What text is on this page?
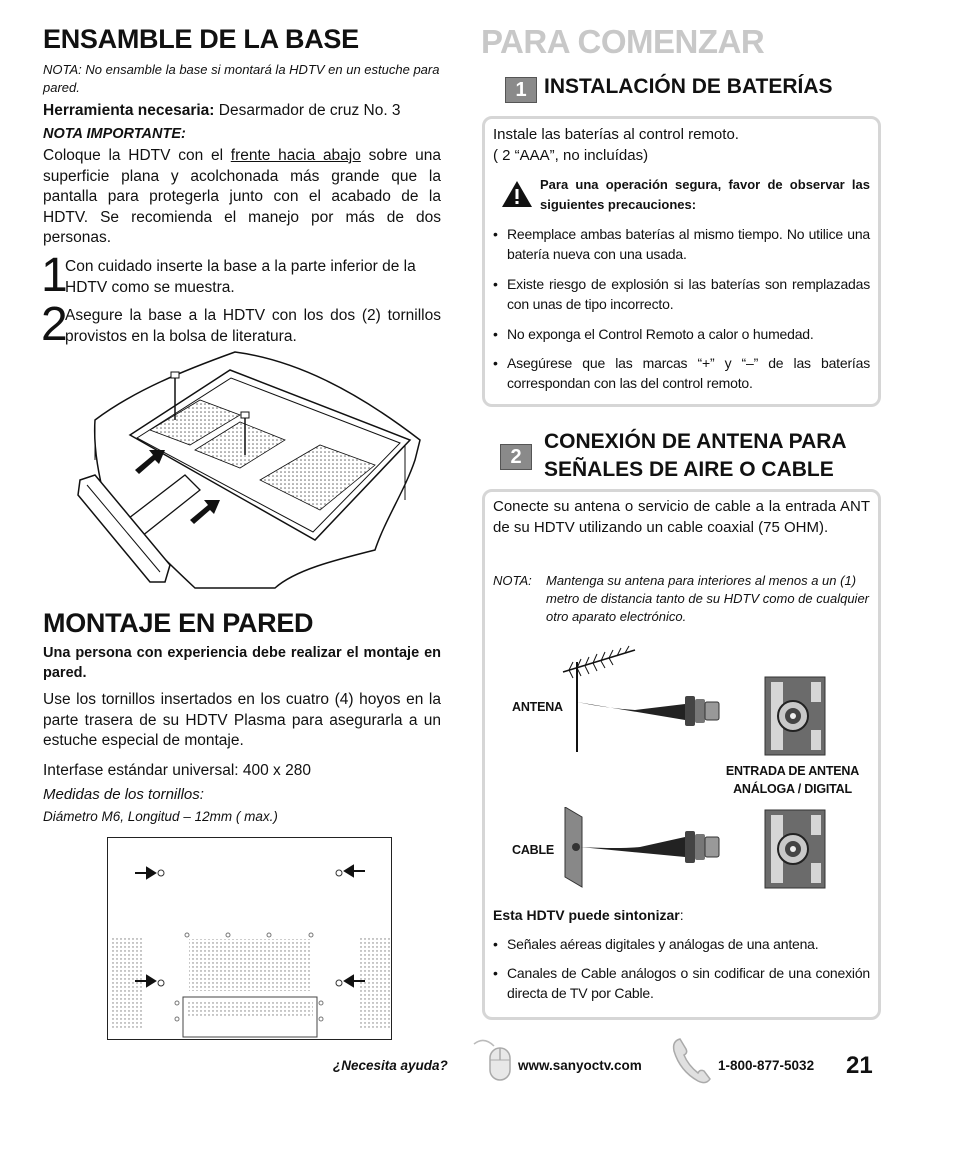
ENSAMBLE DE LA BASE
NOTA: No ensamble la base si montará la HDTV en un estuche para pared.
Herramienta necesaria: Desarmador de cruz No. 3
NOTA IMPORTANTE:
Coloque la HDTV con el frente hacia abajo sobre una superficie plana y acolchonada más grande que la pantalla para protegerla junto con el acabado de la HDTV. Se recomienda el manejo por más de dos personas.
1
Con cuidado inserte la base a la parte inferior de la HDTV como se muestra.
2
Asegure la base a la HDTV con los dos (2) tornillos provistos en la bolsa de literatura.
MONTAJE EN PARED
Una persona con experiencia debe realizar el montaje en pared.
Use los tornillos insertados en los cuatro (4) hoyos en la parte trasera de su HDTV Plasma para asegurarla a un estuche especial de montaje.
Interfase estándar universal: 400 x 280
Medidas de los tornillos:
Diámetro M6, Longitud – 12mm ( max.)
PARA COMENZAR
1 INSTALACIÓN DE BATERÍAS
Instale las baterías al control remoto.
( 2 “AAA”, no incluídas)
Para una operación segura, favor de observar las siguientes precauciones:
• Reemplace ambas baterías al mismo tiempo. No utilice una batería nueva con una usada.
• Existe riesgo de explosión si las baterías son remplazadas con unas de tipo incorrecto.
• No exponga el Control Remoto a calor o humedad.
• Asegúrese que las marcas “+” y “–” de las baterías correspondan con las del control remoto.
2
CONEXIÓN DE ANTENA PARA
SEÑALES DE AIRE O CABLE
Conecte su antena o servicio de cable a la entrada ANT de su HDTV utilizando un cable coaxial (75 OHM).
NOTA:	Mantenga su antena para interiores al menos a un (1) metro de distancia tanto de su HDTV como de cualquier otro aparato electrónico.
ANTENA
ENTRADA DE ANTENA
ANÁLOGA / DIGITAL
CABLE
Esta HDTV puede sintonizar:
• Señales aéreas digitales y análogas de una antena.
• Canales de Cable análogos o sin codificar de una conexión directa de TV por Cable.
¿Necesita ayuda?	www.sanyoctv.com	1-800-877-5032 21
